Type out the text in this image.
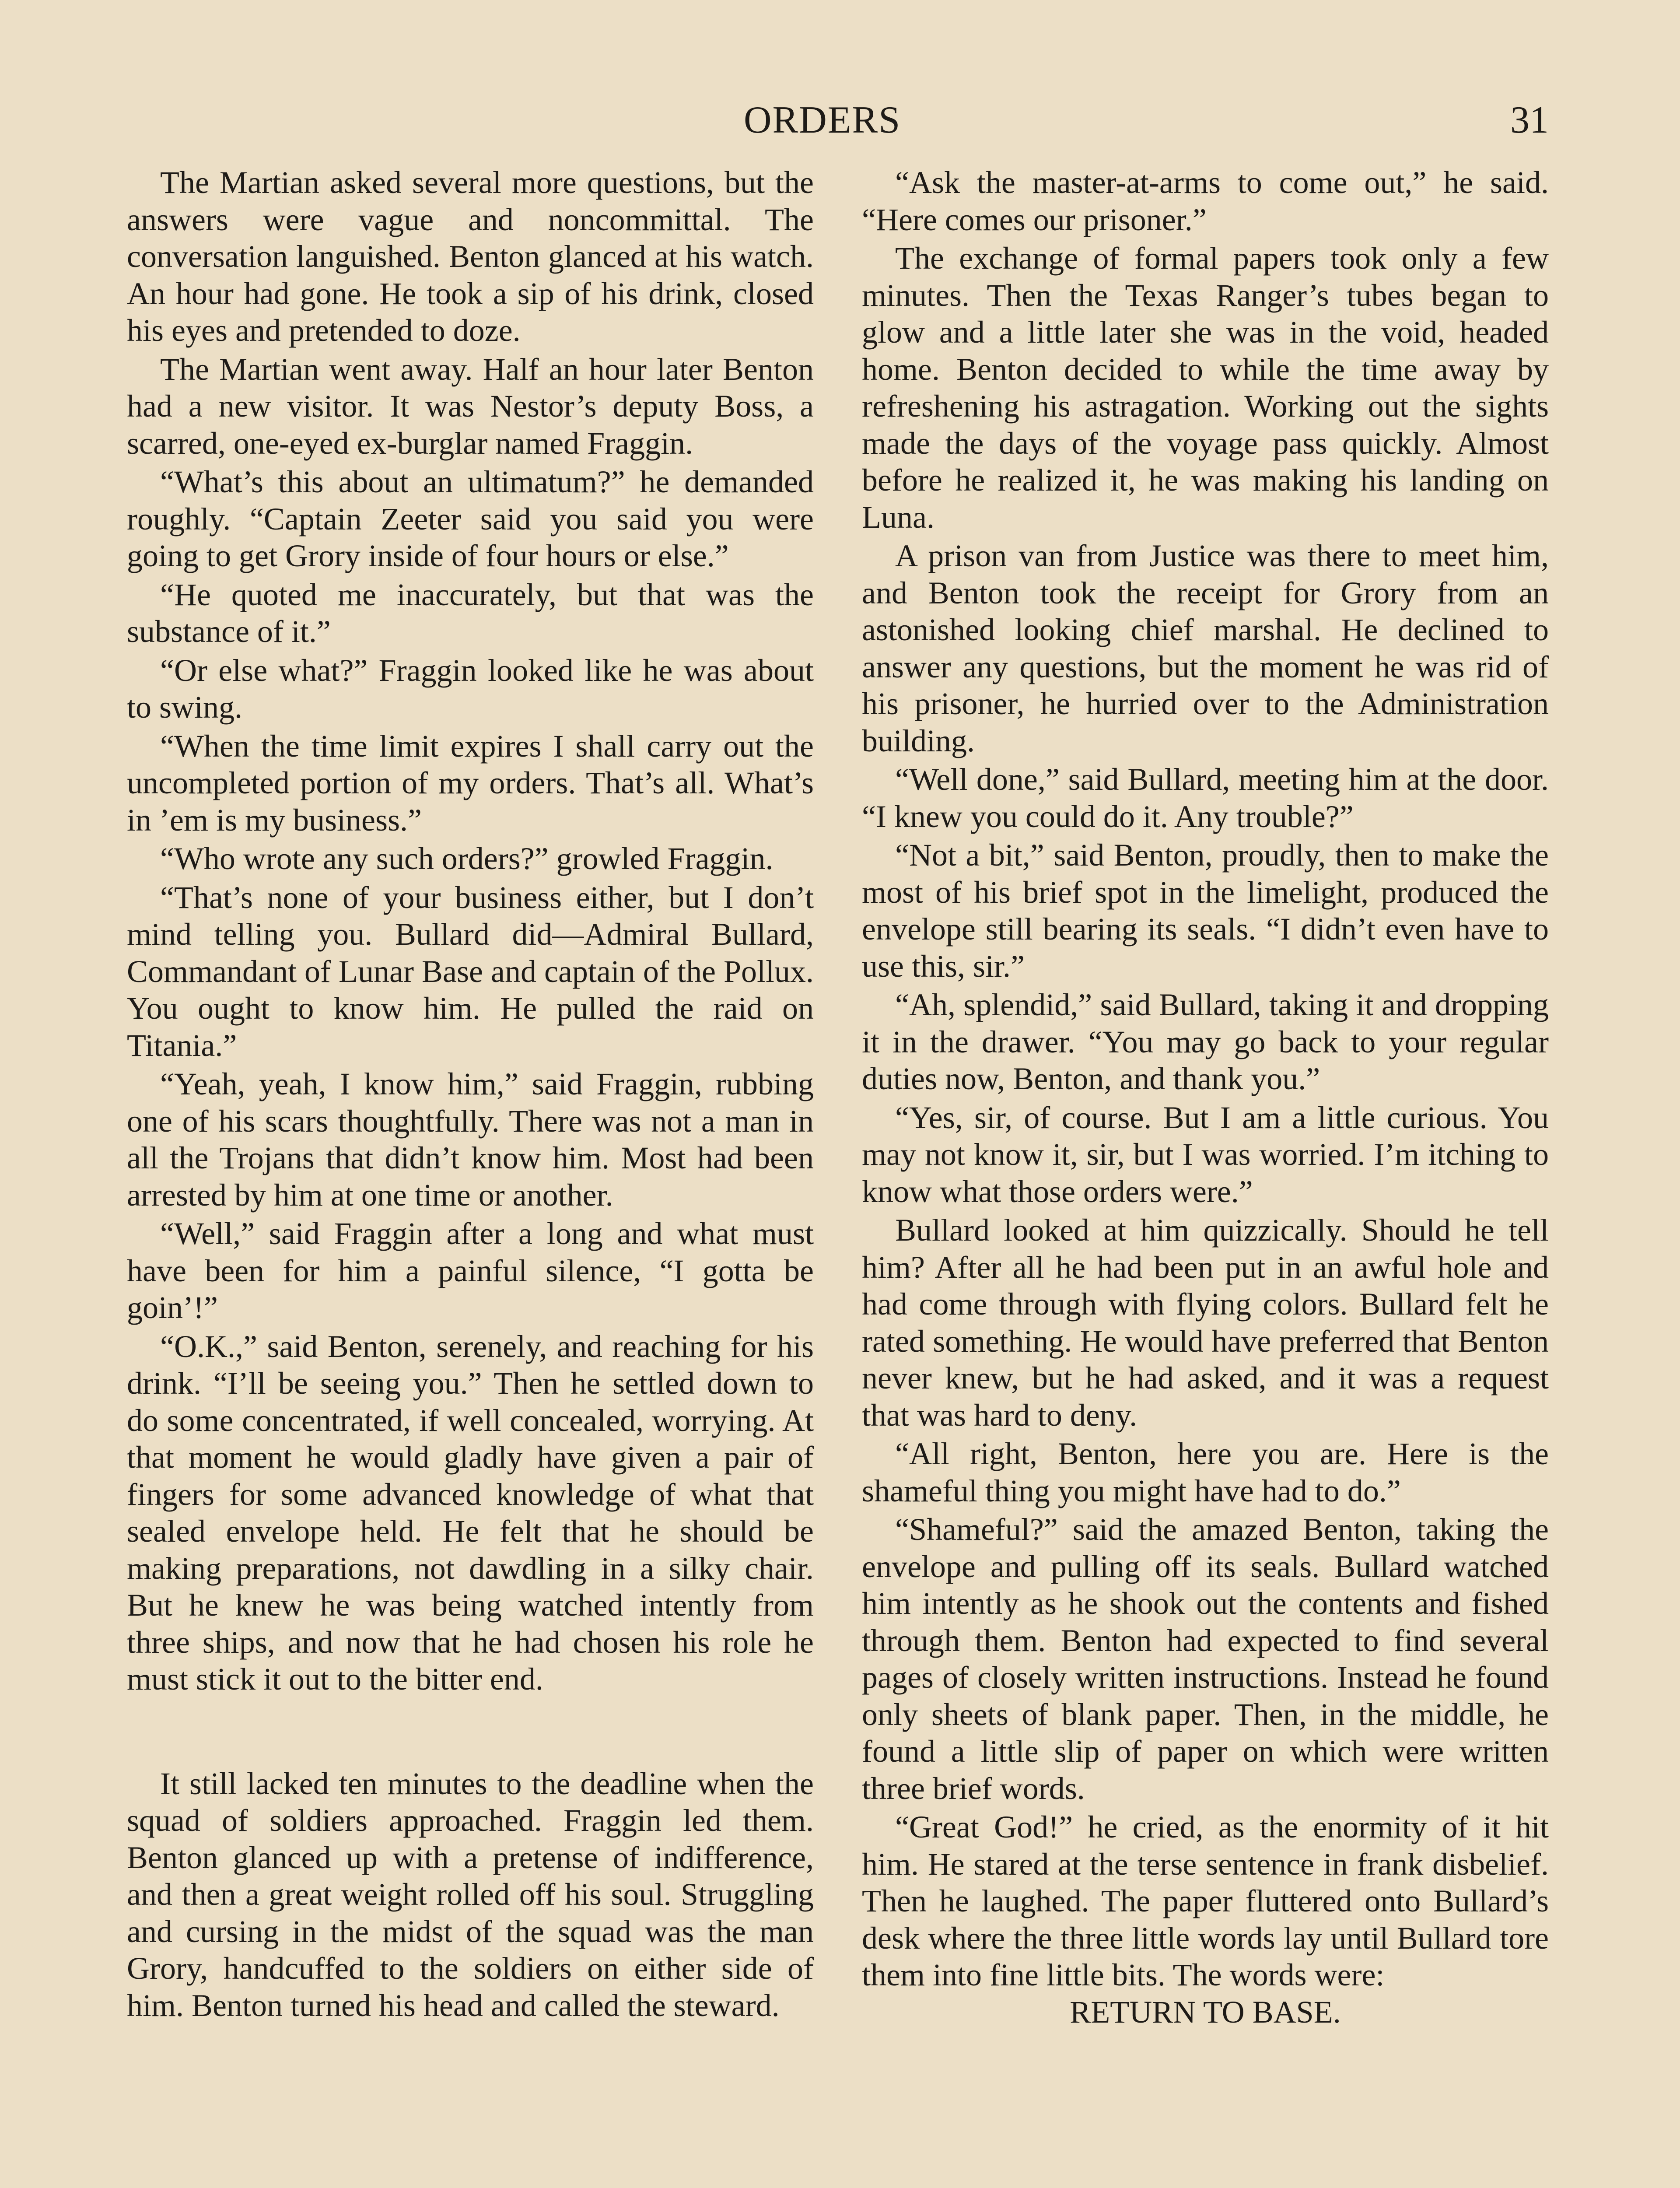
ORDERS	31

The Martian asked several more questions, but the answers were vague and noncommittal. The conversation languished. Benton glanced at his watch. An hour had gone. He took a sip of his drink, closed his eyes and pretended to doze.

The Martian went away. Half an hour later Benton had a new visitor. It was Nestor’s deputy Boss, a scarred, one-eyed ex-burglar named Fraggin.

“What’s this about an ultimatum?” he demanded roughly. “Captain Zeeter said you said you were going to get Grory inside of four hours or else.”

“He quoted me inaccurately, but that was the substance of it.”

“Or else what?” Fraggin looked like he was about to swing.

“When the time limit expires I shall carry out the uncompleted portion of my orders. That’s all. What’s in ’em is my business.”

“Who wrote any such orders?” growled Fraggin.

“That’s none of your business either, but I don’t mind telling you. Bullard did—Admiral Bullard, Commandant of Lunar Base and captain of the Pollux. You ought to know him. He pulled the raid on Titania.”

“Yeah, yeah, I know him,” said Fraggin, rubbing one of his scars thoughtfully. There was not a man in all the Trojans that didn’t know him. Most had been arrested by him at one time or another.

“Well,” said Fraggin after a long and what must have been for him a painful silence, “I gotta be goin’!”

“O.K.,” said Benton, serenely, and reaching for his drink. “I’ll be seeing you.” Then he settled down to do some concentrated, if well concealed, worrying. At that moment he would gladly have given a pair of fingers for some advanced knowledge of what that sealed envelope held. He felt that he should be making preparations, not dawdling in a silky chair. But he knew he was being watched intently from three ships, and now that he had chosen his role he must stick it out to the bitter end.

It still lacked ten minutes to the deadline when the squad of soldiers approached. Fraggin led them. Benton glanced up with a pretense of indifference, and then a great weight rolled off his soul. Struggling and cursing in the midst of the squad was the man Grory, handcuffed to the soldiers on either side of him. Benton turned his head and called the steward.

“Ask the master-at-arms to come out,” he said. “Here comes our prisoner.”

The exchange of formal papers took only a few minutes. Then the Texas Ranger’s tubes began to glow and a little later she was in the void, headed home. Benton decided to while the time away by refreshening his astragation. Working out the sights made the days of the voyage pass quickly. Almost before he realized it, he was making his landing on Luna.

A prison van from Justice was there to meet him, and Benton took the receipt for Grory from an astonished looking chief marshal. He declined to answer any questions, but the moment he was rid of his prisoner, he hurried over to the Administration building.

“Well done,” said Bullard, meeting him at the door. “I knew you could do it. Any trouble?”

“Not a bit,” said Benton, proudly, then to make the most of his brief spot in the limelight, produced the envelope still bearing its seals. “I didn’t even have to use this, sir.”

“Ah, splendid,” said Bullard, taking it and dropping it in the drawer. “You may go back to your regular duties now, Benton, and thank you.”

“Yes, sir, of course. But I am a little curious. You may not know it, sir, but I was worried. I’m itching to know what those orders were.”

Bullard looked at him quizzically. Should he tell him? After all he had been put in an awful hole and had come through with flying colors. Bullard felt he rated something. He would have preferred that Benton never knew, but he had asked, and it was a request that was hard to deny.

“All right, Benton, here you are. Here is the shameful thing you might have had to do.”

“Shameful?” said the amazed Benton, taking the envelope and pulling off its seals. Bullard watched him intently as he shook out the contents and fished through them. Benton had expected to find several pages of closely written instructions. Instead he found only sheets of blank paper. Then, in the middle, he found a little slip of paper on which were written three brief words.

“Great God!” he cried, as the enormity of it hit him. He stared at the terse sentence in frank disbelief. Then he laughed. The paper fluttered onto Bullard’s desk where the three little words lay until Bullard tore them into fine little bits. The words were:

RETURN TO BASE.
